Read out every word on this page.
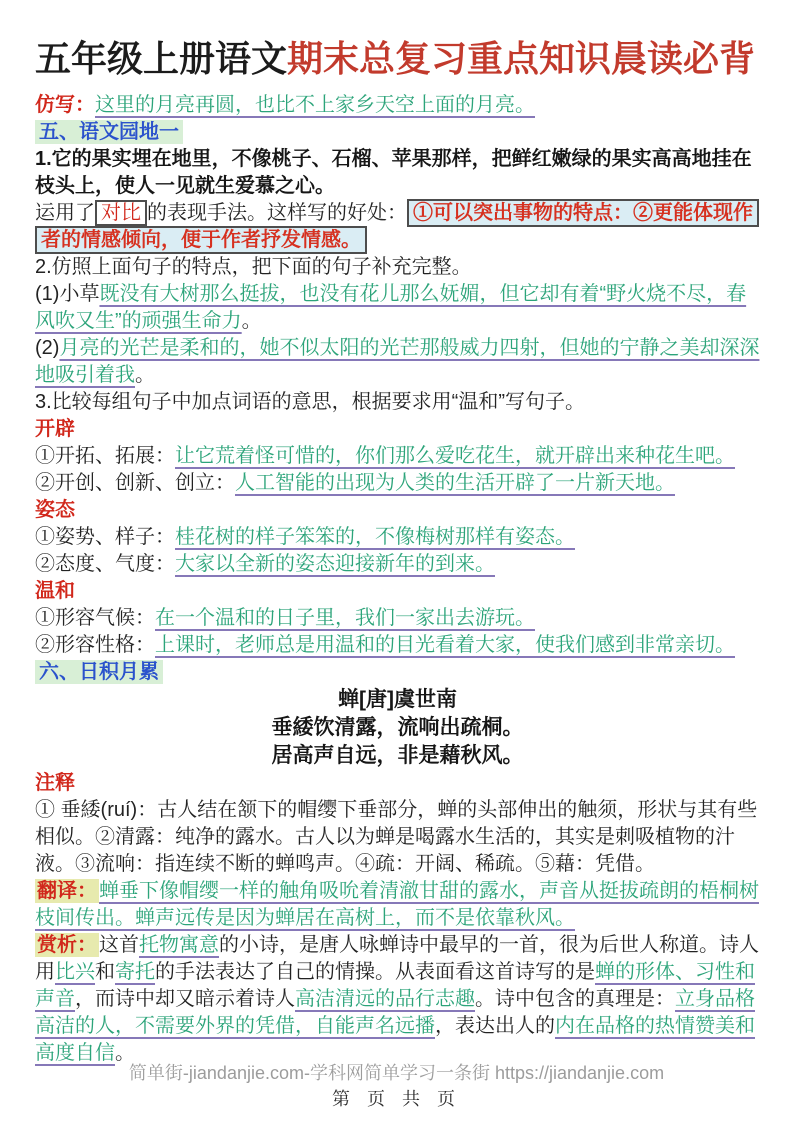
五年级上册语文期末总复习重点知识晨读必背

仿写：这里的月亮再圆，也比不上家乡天空上面的月亮。

五、语文园地一

1.它的果实埋在地里，不像桃子、石榴、苹果那样，把鲜红嫩绿的果实高高地挂在枝头上，使人一见就生爱慕之心。

运用了 对比 的表现手法。这样写的好处： ①可以突出事物的特点：②更能体现作者的情感倾向，便于作者抒发情感。

2.仿照上面句子的特点，把下面的句子补充完整。

(1)小草既没有大树那么挺拔，也没有花儿那么妩媚，但它却有着“野火烧不尽，春风吹又生”的顽强生命力。

(2)月亮的光芒是柔和的，她不似太阳的光芒那般威力四射，但她的宁静之美却深深地吸引着我。

3.比较每组句子中加点词语的意思，根据要求用“温和”写句子。

开辟

①开拓、拓展：让它荒着怪可惜的，你们那么爱吃花生，就开辟出来种花生吧。

②开创、创新、创立：人工智能的出现为人类的生活开辟了一片新天地。

姿态

①姿势、样子：桂花树的样子笨笨的，不像梅树那样有姿态。

②态度、气度：大家以全新的姿态迎接新年的到来。

温和

①形容气候：在一个温和的日子里，我们一家出去游玩。

②形容性格：上课时，老师总是用温和的目光看着大家，使我们感到非常亲切。

六、日积月累

蝉[唐]虞世南

垂緌饮清露，流响出疏桐。

居高声自远，非是藉秋风。

注释

① 垂緌(ruí)：古人结在颔下的帽缨下垂部分，蝉的头部伸出的触须，形状与其有些相似。②清露：纯净的露水。古人以为蝉是喝露水生活的，其实是刺吸植物的汁液。③流响：指连续不断的蝉鸣声。④疏：开阔、稀疏。⑤藉：凭借。

翻译： 蝉垂下像帽缨一样的触角吸吮着清澈甘甜的露水，声音从挺拔疏朗的梧桐树枝间传出。蝉声远传是因为蝉居在高树上，而不是依靠秋风。

赏析： 这首托物寓意的小诗，是唐人咏蝉诗中最早的一首，很为后世人称道。诗人用比兴和寄托的手法表达了自己的情操。从表面看这首诗写的是蝉的形体、习性和声音，而诗中却又暗示着诗人高洁清远的品行志趣。诗中包含的真理是：立身品格高洁的人，不需要外界的凭借，自能声名远播，表达出人的内在品格的热情赞美和高度自信。

简单街-jiandanjie.com-学科网简单学习一条街 https://jiandanjie.com
第 页 共 页
